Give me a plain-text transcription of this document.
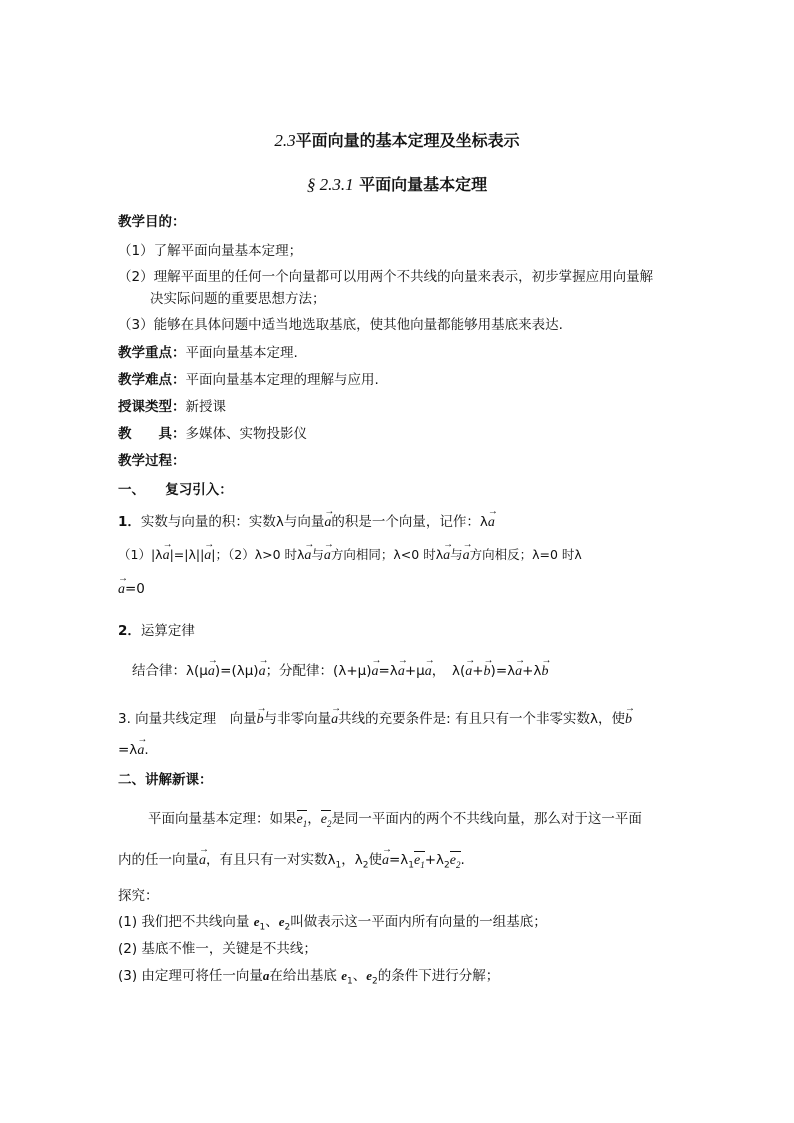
2.3平面向量的基本定理及坐标表示
§ 2.3.1 平面向量基本定理
教学目的：
（1）了解平面向量基本定理；
（2）理解平面里的任何一个向量都可以用两个不共线的向量来表示，初步掌握应用向量解
决实际问题的重要思想方法；
（3）能够在具体问题中适当地选取基底，使其他向量都能够用基底来表达.
教学重点：平面向量基本定理.
教学难点：平面向量基本定理的理解与应用.
授课类型：新授课
教　　具：多媒体、实物投影仪
教学过程：
一、　　复习引入：
1．实数与向量的积：实数λ与向量→ a的积是一个向量，记作：λ→ a
（1）|λ→ a|=|λ||→ a|；（2）λ>0 时λ→ a与→ a方向相同；λ<0 时λ→ a与→ a方向相反；λ=0 时λ
→ a=0
2．运算定律
结合律：λ(μ→ a)=(λμ)→ a；分配律：(λ+μ)→ a=λ→ a+μ→ a，　λ(→ a+→ b)=λ→ a+λ→ b
3. 向量共线定理　向量→ b与非零向量→ a共线的充要条件是: 有且只有一个非零实数λ，使→ b
=λ→ a.
二、讲解新课：
平面向量基本定理：如果$e_1$，$e_2$是同一平面内的两个不共线向量，那么对于这一平面
内的任一向量→ a，有且只有一对实数$\lambda_1$，$\lambda_2$使→ $a=\lambda_1e_1+\lambda_2e_2$.
探究：
(1) 我们把不共线向量 $e_1$、$e_2$叫做表示这一平面内所有向量的一组基底；
(2) 基底不惟一，关键是不共线；
(3) 由定理可将任一向量a在给出基底 $e_1$、$e_2$的条件下进行分解；
